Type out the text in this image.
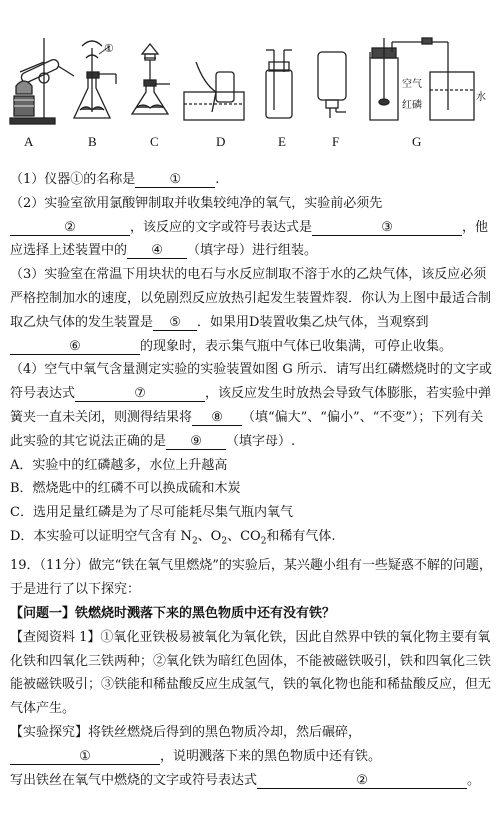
①
空气
红磷
水
A	B	C	D	E	F	G

（1）仪器①的名称是	①	.

（2）实验室欲用氯酸钾制取并收集较纯净的氧气，实验前必须先②	，该反应的文字或符号表达式是	③	，他应选择上述装置中的 ④ （填字母）进行组装。

（3）实验室在常温下用块状的电石与水反应制取不溶于水的乙炔气体，该反应必须严格控制加水的速度，以免剧烈反应放热引起发生装置炸裂．你认为上图中最适合制取乙炔气体的发生装置是 ⑤ ．如果用D装置收集乙炔气体，当观察到⑥	的现象时，表示集气瓶中气体已收集满，可停止收集。

（4）空气中氧气含量测定实验的实验装置如图 G 所示．请写出红磷燃烧时的文字或符号表达式	⑦	，该反应发生时放热会导致气体膨胀，若实验中弹簧夹一直未关闭，则测得结果将 ⑧ （填“偏大”、“偏小”、“不变”）；下列有关此实验的其它说法正确的是 ⑨ （填字母）.

A．实验中的红磷越多，水位上升越高

B．燃烧匙中的红磷不可以换成硫和木炭

C．选用足量红磷是为了尽可能耗尽集气瓶内氧气

D．本实验可以证明空气含有 $N_2$、$O_2$、$CO_2$和稀有气体.

19．（11分）做完“铁在氧气里燃烧”的实验后，某兴趣小组有一些疑惑不解的问题，于是进行了以下探究：

【问题一】铁燃烧时溅落下来的黑色物质中还有没有铁？

【查阅资料 1】①氧化亚铁极易被氧化为氧化铁，因此自然界中铁的氧化物主要有氧化铁和四氧化三铁两种；②氧化铁为暗红色固体，不能被磁铁吸引，铁和四氧化三铁能被磁铁吸引；③铁能和稀盐酸反应生成氢气，铁的氧化物也能和稀盐酸反应，但无气体产生。

【实验探究】将铁丝燃烧后得到的黑色物质冷却，然后碾碎，①	，说明溅落下来的黑色物质中还有铁。

写出铁丝在氧气中燃烧的文字或符号表达式	②	。
